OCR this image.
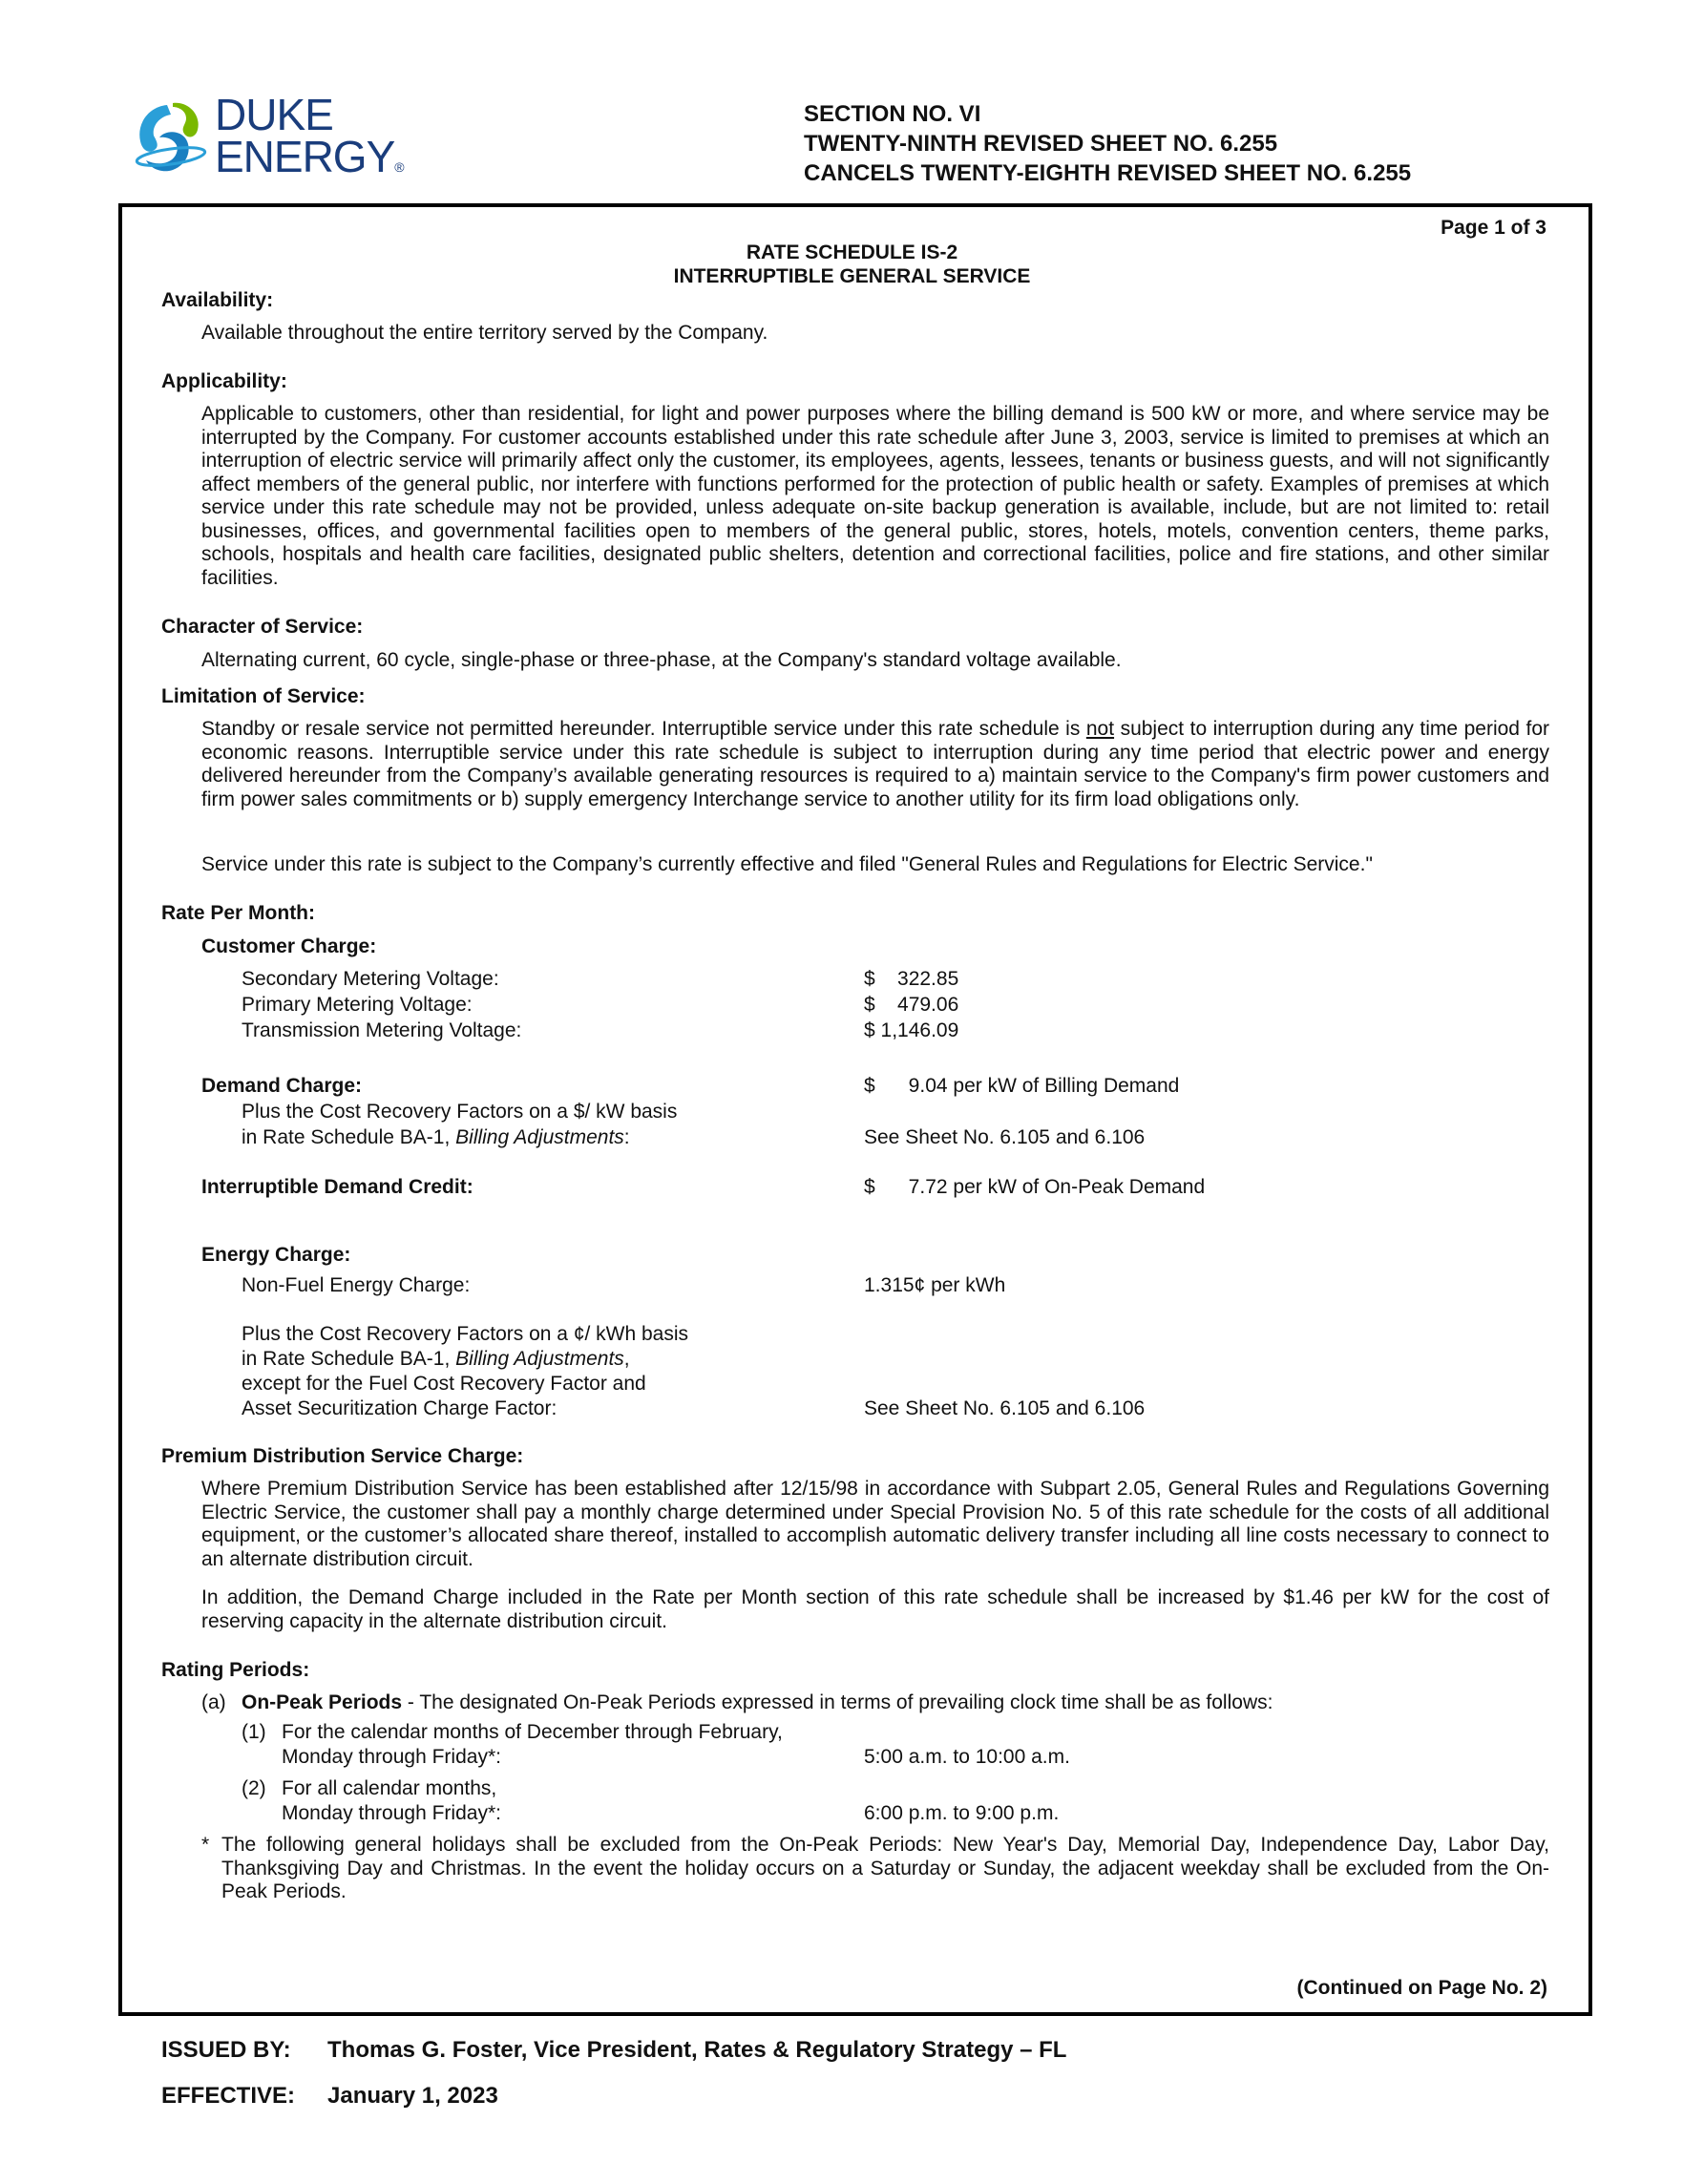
DUKE
ENERGY®
SECTION NO. VI
TWENTY-NINTH REVISED SHEET NO. 6.255
CANCELS TWENTY-EIGHTH REVISED SHEET NO. 6.255
Page 1 of 3
RATE SCHEDULE IS-2
INTERRUPTIBLE GENERAL SERVICE
Availability:
Available throughout the entire territory served by the Company.
Applicability:
Applicable to customers, other than residential, for light and power purposes where the billing demand is 500 kW or more, and where service may be interrupted by the Company. For customer accounts established under this rate schedule after June 3, 2003, service is limited to premises at which an interruption of electric service will primarily affect only the customer, its employees, agents, lessees, tenants or business guests, and will not significantly affect members of the general public, nor interfere with functions performed for the protection of public health or safety. Examples of premises at which service under this rate schedule may not be provided, unless adequate on-site backup generation is available, include, but are not limited to: retail businesses, offices, and governmental facilities open to members of the general public, stores, hotels, motels, convention centers, theme parks, schools, hospitals and health care facilities, designated public shelters, detention and correctional facilities, police and fire stations, and other similar facilities.
Character of Service:
Alternating current, 60 cycle, single-phase or three-phase, at the Company's standard voltage available.
Limitation of Service:
Standby or resale service not permitted hereunder. Interruptible service under this rate schedule is not subject to interruption during any time period for economic reasons. Interruptible service under this rate schedule is subject to interruption during any time period that electric power and energy delivered hereunder from the Company’s available generating resources is required to a) maintain service to the Company's firm power customers and firm power sales commitments or b) supply emergency Interchange service to another utility for its firm load obligations only.
Service under this rate is subject to the Company’s currently effective and filed "General Rules and Regulations for Electric Service."
Rate Per Month:
Customer Charge:
Secondary Metering Voltage:	$    322.85
Primary Metering Voltage:	$    479.06
Transmission Metering Voltage:	$ 1,146.09
Demand Charge:	$      9.04 per kW of Billing Demand
Plus the Cost Recovery Factors on a $/ kW basis
in Rate Schedule BA-1, Billing Adjustments:	See Sheet No. 6.105 and 6.106
Interruptible Demand Credit:	$      7.72 per kW of On-Peak Demand
Energy Charge:
Non-Fuel Energy Charge:	1.315¢ per kWh
Plus the Cost Recovery Factors on a ¢/ kWh basis
in Rate Schedule BA-1, Billing Adjustments,
except for the Fuel Cost Recovery Factor and
Asset Securitization Charge Factor:	See Sheet No. 6.105 and 6.106
Premium Distribution Service Charge:
Where Premium Distribution Service has been established after 12/15/98 in accordance with Subpart 2.05, General Rules and Regulations Governing Electric Service, the customer shall pay a monthly charge determined under Special Provision No. 5 of this rate schedule for the costs of all additional equipment, or the customer’s allocated share thereof, installed to accomplish automatic delivery transfer including all line costs necessary to connect to an alternate distribution circuit.
In addition, the Demand Charge included in the Rate per Month section of this rate schedule shall be increased by $1.46 per kW for the cost of reserving capacity in the alternate distribution circuit.
Rating Periods:
(a) On-Peak Periods - The designated On-Peak Periods expressed in terms of prevailing clock time shall be as follows:
(1) For the calendar months of December through February,
Monday through Friday*:	5:00 a.m. to 10:00 a.m.
(2) For all calendar months,
Monday through Friday*:	6:00 p.m. to 9:00 p.m.
* The following general holidays shall be excluded from the On-Peak Periods: New Year's Day, Memorial Day, Independence Day, Labor Day, Thanksgiving Day and Christmas. In the event the holiday occurs on a Saturday or Sunday, the adjacent weekday shall be excluded from the On-Peak Periods.
(Continued on Page No. 2)
ISSUED BY: Thomas G. Foster, Vice President, Rates & Regulatory Strategy – FL
EFFECTIVE: January 1, 2023
